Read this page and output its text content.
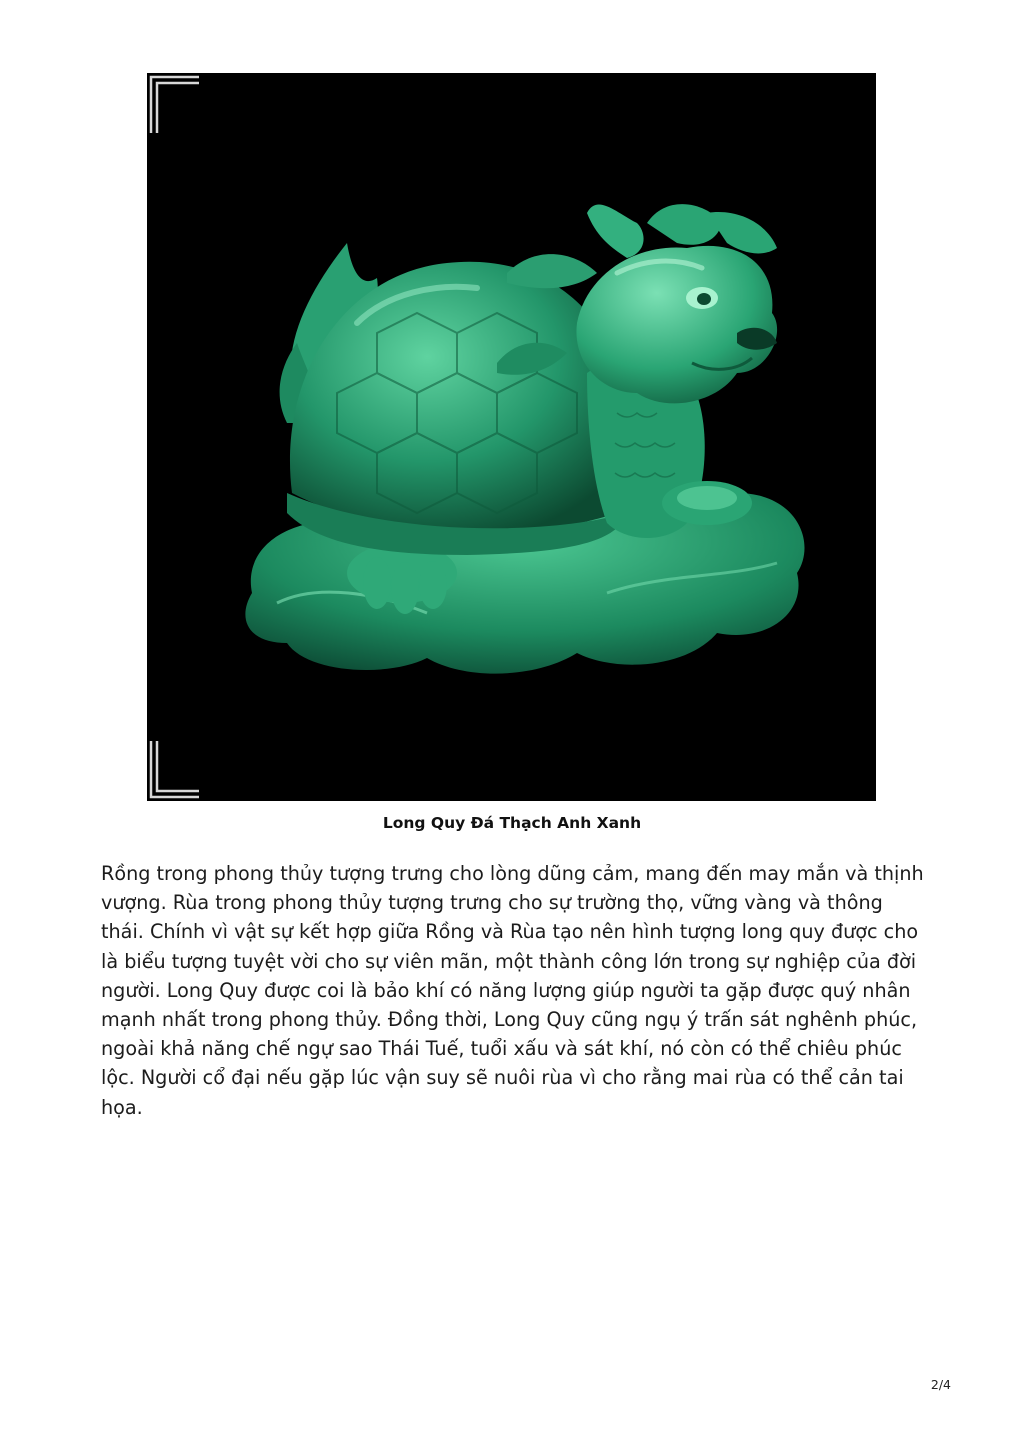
Long Quy Đá Thạch Anh Xanh

Rồng trong phong thủy tượng trưng cho lòng dũng cảm, mang đến may mắn và thịnh vượng. Rùa trong phong thủy tượng trưng cho sự trường thọ, vững vàng và thông thái. Chính vì vật sự kết hợp giữa Rồng và Rùa tạo nên hình tượng long quy được cho là biểu tượng tuyệt vời cho sự viên mãn, một thành công lớn trong sự nghiệp của đời người. Long Quy được coi là bảo khí có năng lượng giúp người ta gặp được quý nhân mạnh nhất trong phong thủy. Đồng thời, Long Quy cũng ngụ ý trấn sát nghênh phúc, ngoài khả năng chế ngự sao Thái Tuế, tuổi xấu và sát khí, nó còn có thể chiêu phúc lộc. Người cổ đại nếu gặp lúc vận suy sẽ nuôi rùa vì cho rằng mai rùa có thể cản tai họa.

2/4
